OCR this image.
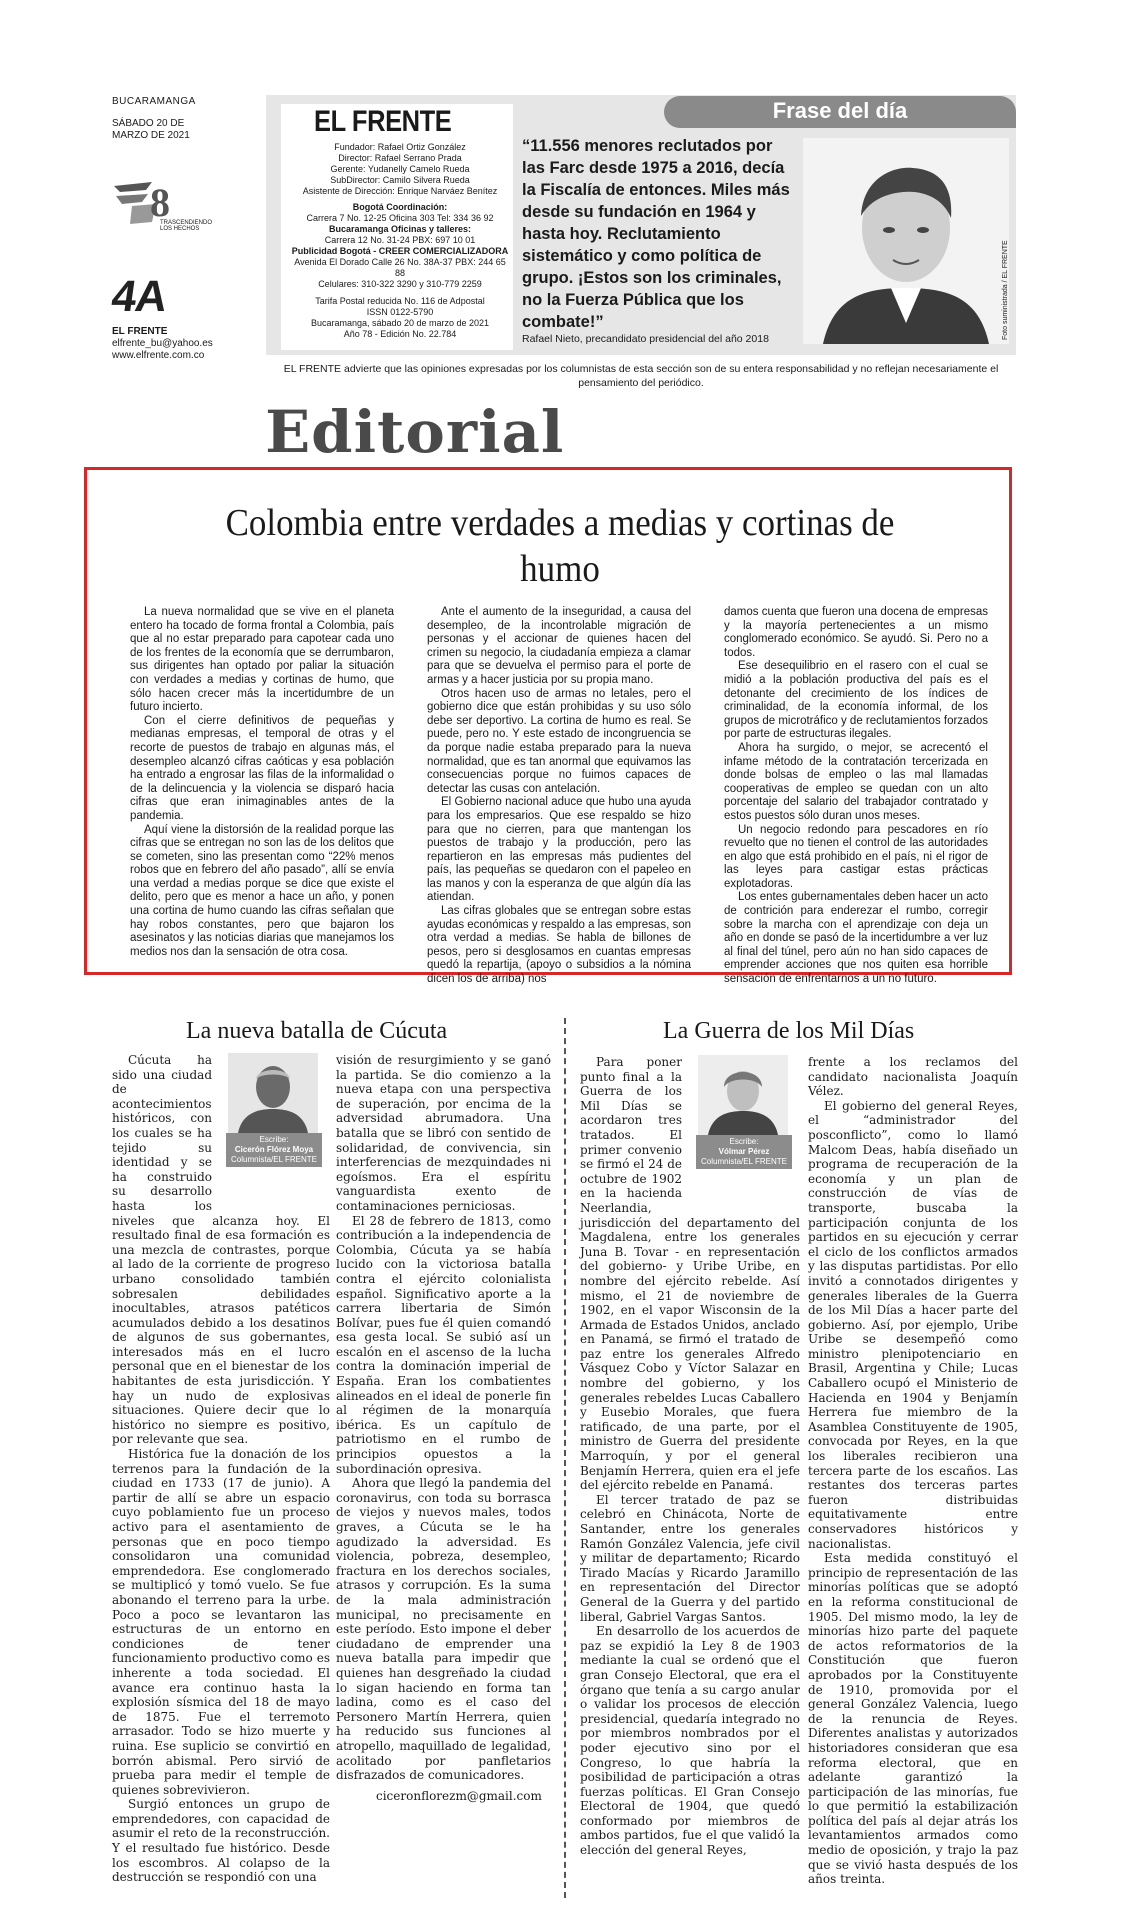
BUCARAMANGA
SÁBADO 20 DE MARZO DE 2021
8
TRASCENDIENDO LOS HECHOS
4A
EL FRENTE
elfrente_bu@yahoo.es
www.elfrente.com.co
EL FRENTE
Fundador: Rafael Ortiz González
Director: Rafael Serrano Prada
Gerente: Yudanelly Camelo Rueda
SubDirector: Camilo Silvera Rueda
Asistente de Dirección: Enrique Narváez Benítez
Bogotá Coordinación:
Carrera 7 No. 12-25 Oficina 303 Tel: 334 36 92
Bucaramanga Oficinas y talleres:
Carrera 12 No. 31-24 PBX: 697 10 01
Publicidad Bogotá - CREER COMERCIALIZADORA
Avenida El Dorado Calle 26 No. 38A-37 PBX: 244 65 88
Celulares: 310-322 3290 y 310-779 2259
Tarifa Postal reducida No. 116 de Adpostal
ISSN 0122-5790
Bucaramanga, sábado 20 de marzo de 2021
Año 78 - Edición No. 22.784
Frase del día
“11.556 menores reclutados por las Farc desde 1975 a 2016, decía la Fiscalía de entonces. Miles más desde su fundación en 1964 y hasta hoy. Reclutamiento sistemático y como política de grupo. ¡Estos son los criminales, no la Fuerza Pública que los combate!”
Rafael Nieto, precandidato presidencial del año 2018	Foto suministrada / EL FRENTE
EL FRENTE advierte que las opiniones expresadas por los columnistas de esta sección son de su entera responsabilidad y no reflejan necesariamente el pensamiento del periódico.
Editorial
Colombia entre verdades a medias y cortinas de humo

La nueva normalidad que se vive en el planeta entero ha tocado de forma frontal a Colombia, país que al no estar preparado para capotear cada uno de los frentes de la economía que se derrumbaron, sus dirigentes han optado por paliar la situación con verdades a medias y cortinas de humo, que sólo hacen crecer más la incertidumbre de un futuro incierto.

Con el cierre definitivos de pequeñas y medianas empresas, el temporal de otras y el recorte de puestos de trabajo en algunas más, el desempleo alcanzó cifras caóticas y esa población ha entrado a engrosar las filas de la informalidad o de la delincuencia y la violencia se disparó hacia cifras que eran inimaginables antes de la pandemia.

Aquí viene la distorsión de la realidad porque las cifras que se entregan no son las de los delitos que se cometen, sino las presentan como “22% menos robos que en febrero del año pasado”, allí se envía una verdad a medias porque se dice que existe el delito, pero que es menor a hace un año, y ponen una cortina de humo cuando las cifras señalan que hay robos constantes, pero que bajaron los asesinatos y las noticias diarias que manejamos los medios nos dan la sensación de otra cosa.

Ante el aumento de la inseguridad, a causa del desempleo, de la incontrolable migración de personas y el accionar de quienes hacen del crimen su negocio, la ciudadanía empieza a clamar para que se devuelva el permiso para el porte de armas y a hacer justicia por su propia mano.

Otros hacen uso de armas no letales, pero el gobierno dice que están prohibidas y su uso sólo debe ser deportivo. La cortina de humo es real. Se puede, pero no. Y este estado de incongruencia se da porque nadie estaba preparado para la nueva normalidad, que es tan anormal que equivamos las consecuencias porque no fuimos capaces de detectar las cusas con antelación.

El Gobierno nacional aduce que hubo una ayuda para los empresarios. Que ese respaldo se hizo para que no cierren, para que mantengan los puestos de trabajo y la producción, pero las repartieron en las empresas más pudientes del país, las pequeñas se quedaron con el papeleo en las manos y con la esperanza de que algún día las atiendan.

Las cifras globales que se entregan sobre estas ayudas económicas y respaldo a las empresas, son otra verdad a medias. Se habla de billones de pesos, pero si desglosamos en cuantas empresas quedó la repartija, (apoyo o subsidios a la nómina dicen los de arriba) nos

damos cuenta que fueron una docena de empresas y la mayoría pertenecientes a un mismo conglomerado económico. Se ayudó. Si. Pero no a todos.

Ese desequilibrio en el rasero con el cual se midió a la población productiva del país es el detonante del crecimiento de los índices de criminalidad, de la economía informal, de los grupos de microtráfico y de reclutamientos forzados por parte de estructuras ilegales.

Ahora ha surgido, o mejor, se acrecentó el infame método de la contratación tercerizada en donde bolsas de empleo o las mal llamadas cooperativas de empleo se quedan con un alto porcentaje del salario del trabajador contratado y estos puestos sólo duran unos meses.

Un negocio redondo para pescadores en río revuelto que no tienen el control de las autoridades en algo que está prohibido en el país, ni el rigor de las leyes para castigar estas prácticas explotadoras.

Los entes gubernamentales deben hacer un acto de contrición para enderezar el rumbo, corregir sobre la marcha con el aprendizaje con deja un año en donde se pasó de la incertidumbre a ver luz al final del túnel, pero aún no han sido capaces de emprender acciones que nos quiten esa horrible sensación de enfrentarnos a un no futuro.

La nueva batalla de Cúcuta	La Guerra de los Mil Días
Escribe:
Cicerón Flórez Moya
Columnista/EL FRENTE

Cúcuta ha sido una ciudad de acontecimientos históricos, con los cuales se ha tejido su identidad y se ha construido su desarrollo hasta los niveles que alcanza hoy. El resultado final de esa formación es una mezcla de contrastes, porque al lado de la corriente de progreso urbano consolidado también sobresalen debilidades inocultables, atrasos patéticos acumulados debido a los desatinos de algunos de sus gobernantes, interesados más en el lucro personal que en el bienestar de los habitantes de esta jurisdicción. Y hay un nudo de explosivas situaciones. Quiere decir que lo histórico no siempre es positivo, por relevante que sea.

Histórica fue la donación de los terrenos para la fundación de la ciudad en 1733 (17 de junio). A partir de allí se abre un espacio cuyo poblamiento fue un proceso activo para el asentamiento de personas que en poco tiempo consolidaron una comunidad emprendedora. Ese conglomerado se multiplicó y tomó vuelo. Se fue abonando el terreno para la urbe. Poco a poco se levantaron las estructuras de un entorno en condiciones de tener funcionamiento productivo como es inherente a toda sociedad. El avance era continuo hasta la explosión sísmica del 18 de mayo de 1875. Fue el terremoto arrasador. Todo se hizo muerte y ruina. Ese suplicio se convirtió en borrón abismal. Pero sirvió de prueba para medir el temple de quienes sobrevivieron.

Surgió entonces un grupo de emprendedores, con capacidad de asumir el reto de la reconstrucción. Y el resultado fue histórico. Desde los escombros. Al colapso de la destrucción se respondió con una

visión de resurgimiento y se ganó la partida. Se dio comienzo a la nueva etapa con una perspectiva de superación, por encima de la adversidad abrumadora. Una batalla que se libró con sentido de solidaridad, de convivencia, sin interferencias de mezquindades ni egoísmos. Era el espíritu vanguardista exento de contaminaciones perniciosas.

El 28 de febrero de 1813, como contribución a la independencia de Colombia, Cúcuta ya se había lucido con la victoriosa batalla contra el ejército colonialista español. Significativo aporte a la carrera libertaria de Simón Bolívar, pues fue él quien comandó esa gesta local. Se subió así un escalón en el ascenso de la lucha contra la dominación imperial de España. Eran los combatientes alineados en el ideal de ponerle fin al régimen de la monarquía ibérica. Es un capítulo de patriotismo en el rumbo de principios opuestos a la subordinación opresiva.

Ahora que llegó la pandemia del coronavirus, con toda su borrasca de viejos y nuevos males, todos graves, a Cúcuta se le ha agudizado la adversidad. Es violencia, pobreza, desempleo, fractura en los derechos sociales, atrasos y corrupción. Es la suma de la mala administración municipal, no precisamente en este período. Esto impone el deber ciudadano de emprender una nueva batalla para impedir que quienes han desgreñado la ciudad lo sigan haciendo en forma tan ladina, como es el caso del Personero Martín Herrera, quien ha reducido sus funciones al atropello, maquillado de legalidad, acolitado por panfletarios disfrazados de comunicadores.

ciceronflorezm@gmail.com

Escribe:
Vólmar Pérez
Columnista/EL FRENTE

Para poner punto final a la Guerra de los Mil Días se acordaron tres tratados. El primer convenio se firmó el 24 de octubre de 1902 en la hacienda Neerlandia, jurisdicción del departamento del Magdalena, entre los generales Juna B. Tovar - en representación del gobierno- y Uribe Uribe, en nombre del ejército rebelde. Así mismo, el 21 de noviembre de 1902, en el vapor Wisconsin de la Armada de Estados Unidos, anclado en Panamá, se firmó el tratado de paz entre los generales Alfredo Vásquez Cobo y Víctor Salazar en nombre del gobierno, y los generales rebeldes Lucas Caballero y Eusebio Morales, que fuera ratificado, de una parte, por el ministro de Guerra del presidente Marroquín, y por el general Benjamín Herrera, quien era el jefe del ejército rebelde en Panamá.

El tercer tratado de paz se celebró en Chinácota, Norte de Santander, entre los generales Ramón González Valencia, jefe civil y militar de departamento; Ricardo Tirado Macías y Ricardo Jaramillo en representación del Director General de la Guerra y del partido liberal, Gabriel Vargas Santos.

En desarrollo de los acuerdos de paz se expidió la Ley 8 de 1903 mediante la cual se ordenó que el gran Consejo Electoral, que era el órgano que tenía a su cargo anular o validar los procesos de elección presidencial, quedaría integrado no por miembros nombrados por el poder ejecutivo sino por el Congreso, lo que habría la posibilidad de participación a otras fuerzas políticas. El Gran Consejo Electoral de 1904, que quedó conformado por miembros de ambos partidos, fue el que validó la elección del general Reyes,

frente a los reclamos del candidato nacionalista Joaquín Vélez.

El gobierno del general Reyes, el “administrador del posconflicto”, como lo llamó Malcom Deas, había diseñado un programa de recuperación de la economía y un plan de construcción de vías de transporte, buscaba la participación conjunta de los partidos en su ejecución y cerrar el ciclo de los conflictos armados y las disputas partidistas. Por ello invitó a connotados dirigentes y generales liberales de la Guerra de los Mil Días a hacer parte del gobierno. Así, por ejemplo, Uribe Uribe se desempeñó como ministro plenipotenciario en Brasil, Argentina y Chile; Lucas Caballero ocupó el Ministerio de Hacienda en 1904 y Benjamín Herrera fue miembro de la Asamblea Constituyente de 1905, convocada por Reyes, en la que los liberales recibieron una tercera parte de los escaños. Las restantes dos terceras partes fueron distribuidas equitativamente entre conservadores históricos y nacionalistas.

Esta medida constituyó el principio de representación de las minorías políticas que se adoptó en la reforma constitucional de 1905. Del mismo modo, la ley de minorías hizo parte del paquete de actos reformatorios de la Constitución que fueron aprobados por la Constituyente de 1910, promovida por el general González Valencia, luego de la renuncia de Reyes. Diferentes analistas y autorizados historiadores consideran que esa reforma electoral, que en adelante garantizó la participación de las minorías, fue lo que permitió la estabilización política del país al dejar atrás los levantamientos armados como medio de oposición, y trajo la paz que se vivió hasta después de los años treinta.
